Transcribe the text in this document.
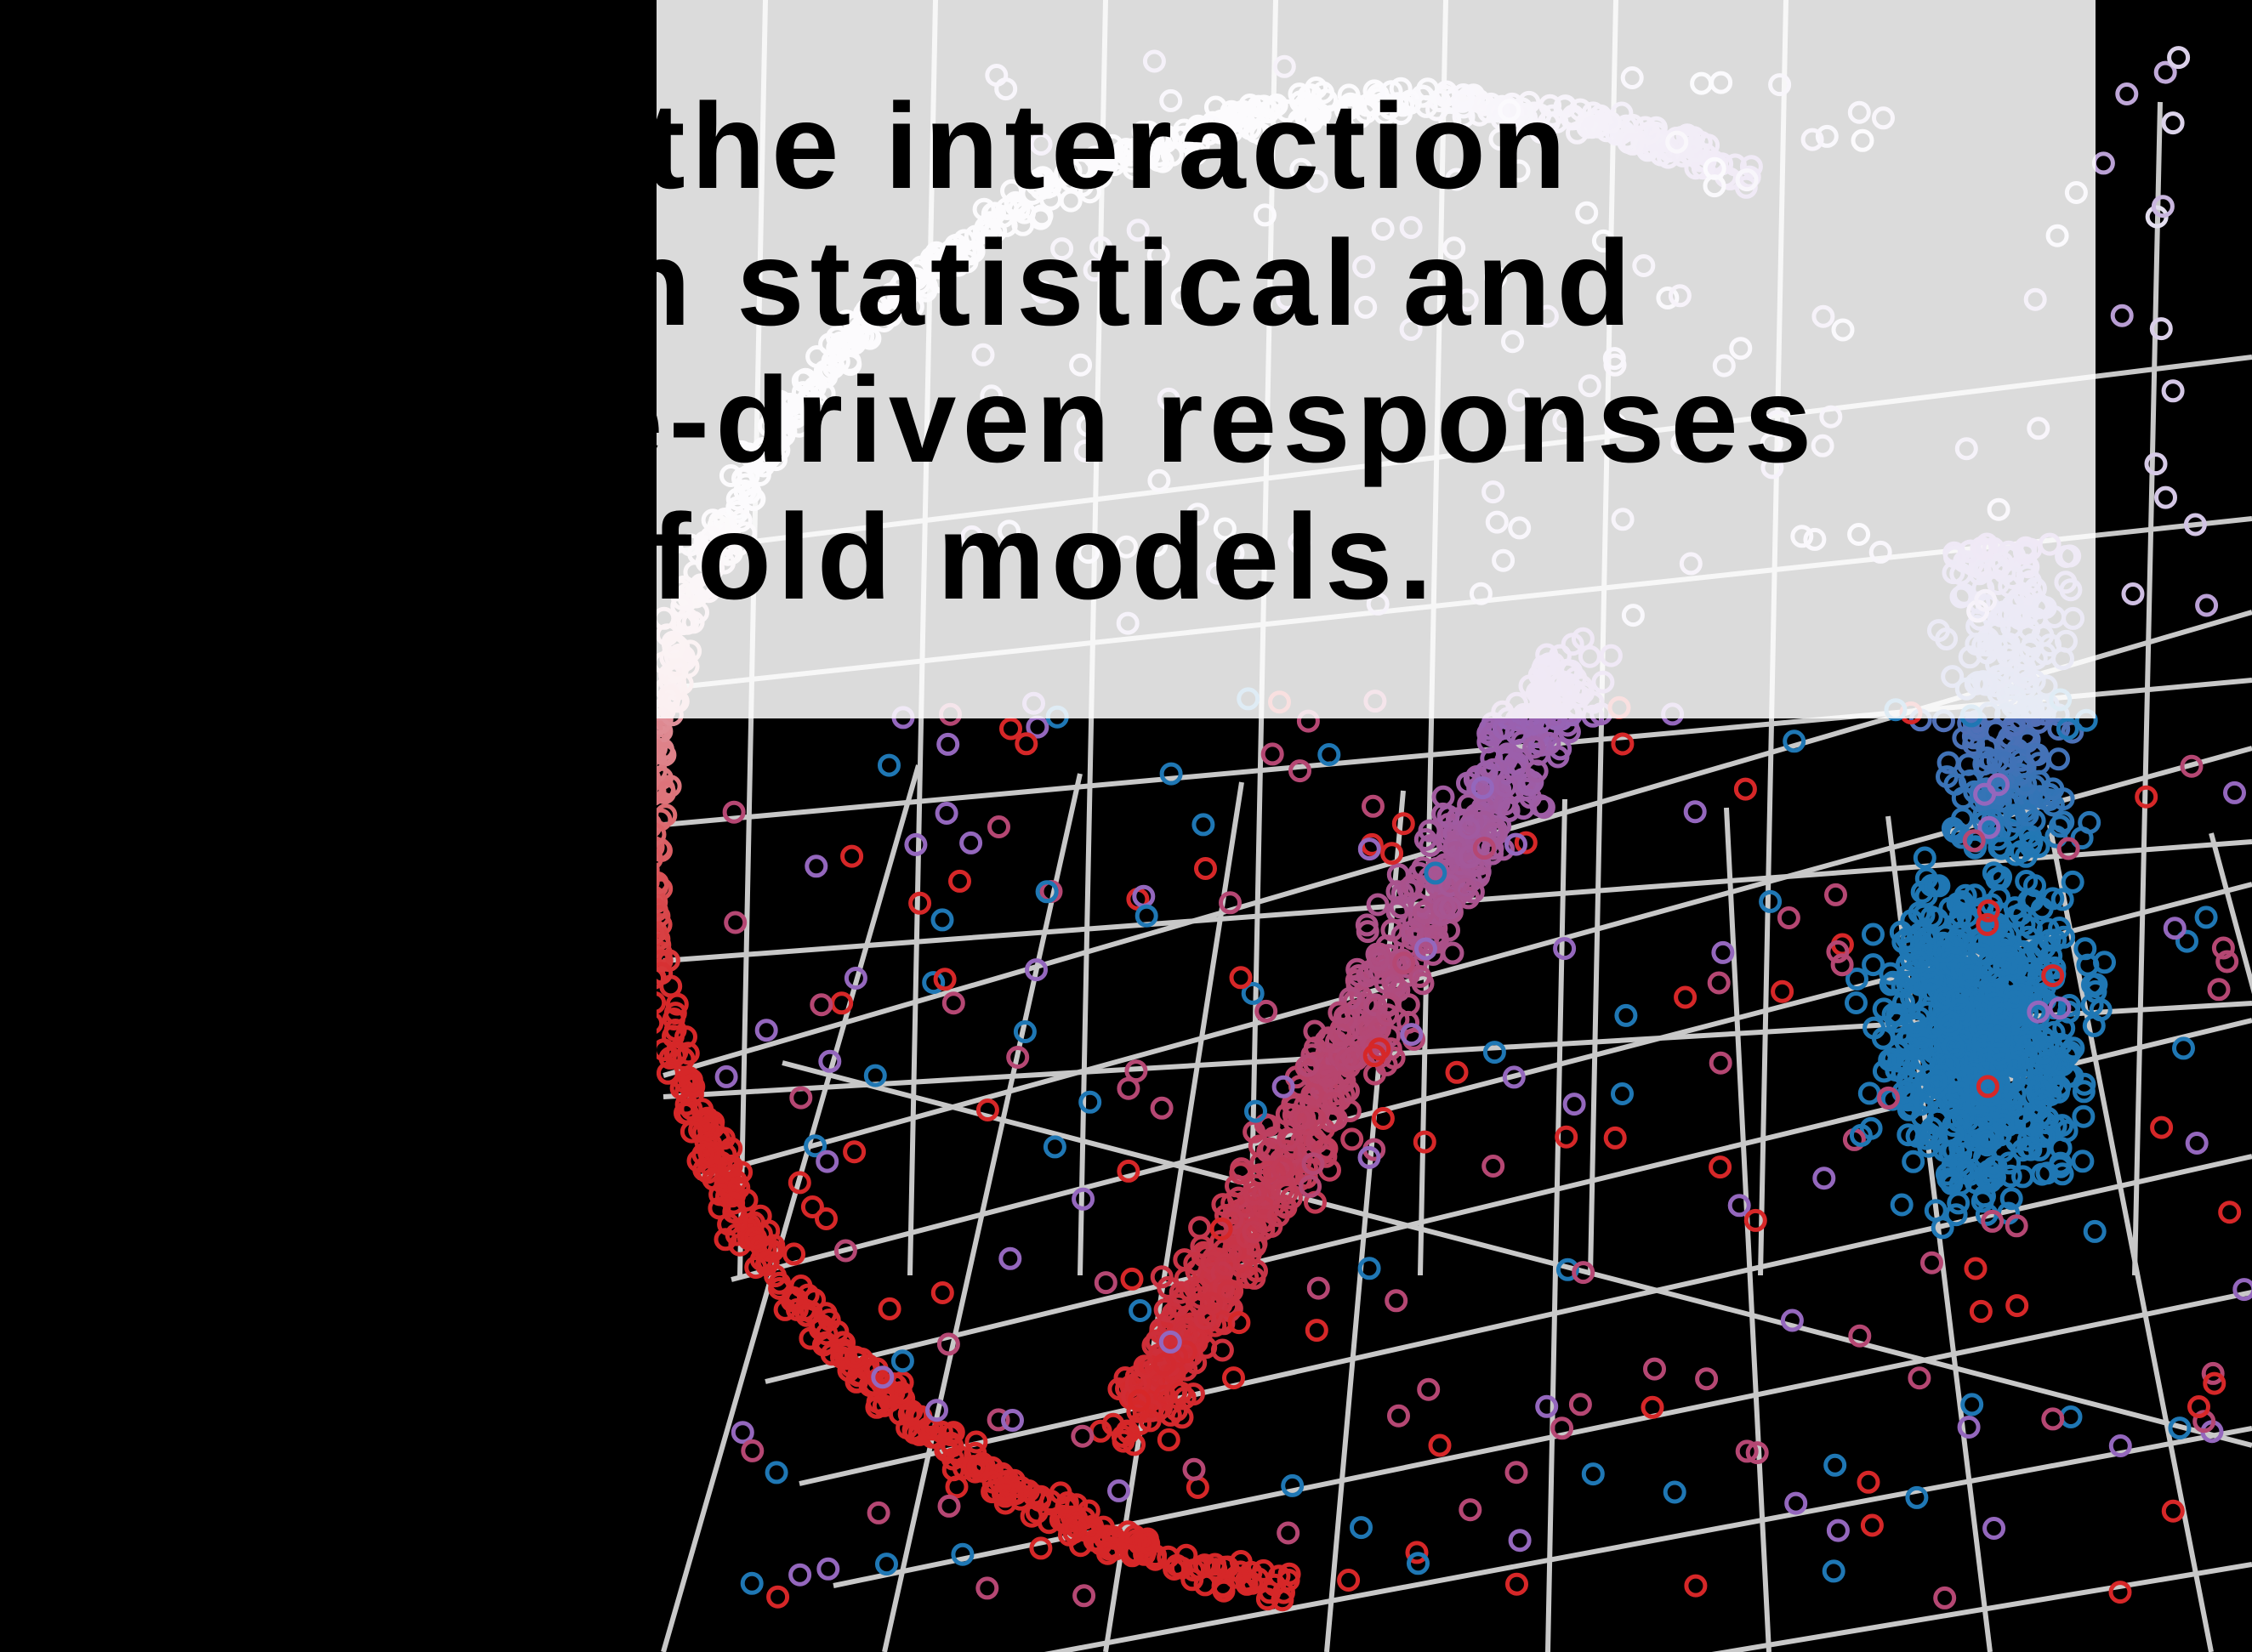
the interaction

n statistical and

e-driven responses

fold models.
